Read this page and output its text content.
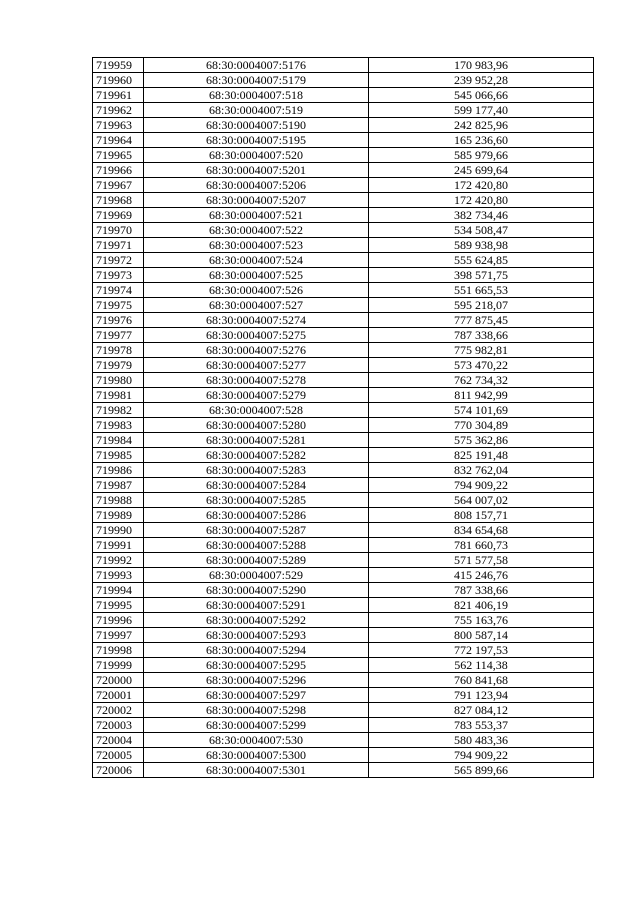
719959	68:30:0004007:5176	170 983,96
719960	68:30:0004007:5179	239 952,28
719961	68:30:0004007:518	545 066,66
719962	68:30:0004007:519	599 177,40
719963	68:30:0004007:5190	242 825,96
719964	68:30:0004007:5195	165 236,60
719965	68:30:0004007:520	585 979,66
719966	68:30:0004007:5201	245 699,64
719967	68:30:0004007:5206	172 420,80
719968	68:30:0004007:5207	172 420,80
719969	68:30:0004007:521	382 734,46
719970	68:30:0004007:522	534 508,47
719971	68:30:0004007:523	589 938,98
719972	68:30:0004007:524	555 624,85
719973	68:30:0004007:525	398 571,75
719974	68:30:0004007:526	551 665,53
719975	68:30:0004007:527	595 218,07
719976	68:30:0004007:5274	777 875,45
719977	68:30:0004007:5275	787 338,66
719978	68:30:0004007:5276	775 982,81
719979	68:30:0004007:5277	573 470,22
719980	68:30:0004007:5278	762 734,32
719981	68:30:0004007:5279	811 942,99
719982	68:30:0004007:528	574 101,69
719983	68:30:0004007:5280	770 304,89
719984	68:30:0004007:5281	575 362,86
719985	68:30:0004007:5282	825 191,48
719986	68:30:0004007:5283	832 762,04
719987	68:30:0004007:5284	794 909,22
719988	68:30:0004007:5285	564 007,02
719989	68:30:0004007:5286	808 157,71
719990	68:30:0004007:5287	834 654,68
719991	68:30:0004007:5288	781 660,73
719992	68:30:0004007:5289	571 577,58
719993	68:30:0004007:529	415 246,76
719994	68:30:0004007:5290	787 338,66
719995	68:30:0004007:5291	821 406,19
719996	68:30:0004007:5292	755 163,76
719997	68:30:0004007:5293	800 587,14
719998	68:30:0004007:5294	772 197,53
719999	68:30:0004007:5295	562 114,38
720000	68:30:0004007:5296	760 841,68
720001	68:30:0004007:5297	791 123,94
720002	68:30:0004007:5298	827 084,12
720003	68:30:0004007:5299	783 553,37
720004	68:30:0004007:530	580 483,36
720005	68:30:0004007:5300	794 909,22
720006	68:30:0004007:5301	565 899,66
